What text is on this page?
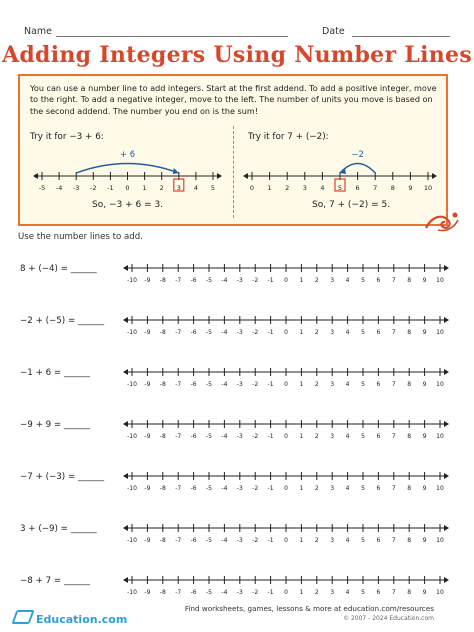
Name	Date
Adding Integers Using Number Lines
You can use a number line to add integers. Start at the first addend. To add a positive integer, move to the right. To add a negative integer, move to the left. The number of units you move is based on the second addend. The number you end on is the sum!
Try it for −3 + 6:	Try it for 7 + (−2):
-5 -4 -3 -2 -1 0 1 2 3 4 5
+ 6
0 1 2 3 4 5 6 7 8 9 10
−2
So, −3 + 6 = 3.	So, 7 + (−2) = 5.
Use the number lines to add.
Education.com
Find worksheets, games, lessons & more at education.com/resources
© 2007 - 2024 Education.com
8 + (−4) = ______
-10 -9 -8 -7 -6 -5 -4 -3 -2 -1 0 1 2 3 4 5 6 7 8 9 10
−2 + (−5) = ______
-10 -9 -8 -7 -6 -5 -4 -3 -2 -1 0 1 2 3 4 5 6 7 8 9 10
−1 + 6 = ______
-10 -9 -8 -7 -6 -5 -4 -3 -2 -1 0 1 2 3 4 5 6 7 8 9 10
−9 + 9 = ______
-10 -9 -8 -7 -6 -5 -4 -3 -2 -1 0 1 2 3 4 5 6 7 8 9 10
−7 + (−3) = ______
-10 -9 -8 -7 -6 -5 -4 -3 -2 -1 0 1 2 3 4 5 6 7 8 9 10
3 + (−9) = ______
-10 -9 -8 -7 -6 -5 -4 -3 -2 -1 0 1 2 3 4 5 6 7 8 9 10
−8 + 7 = ______
-10 -9 -8 -7 -6 -5 -4 -3 -2 -1 0 1 2 3 4 5 6 7 8 9 10
